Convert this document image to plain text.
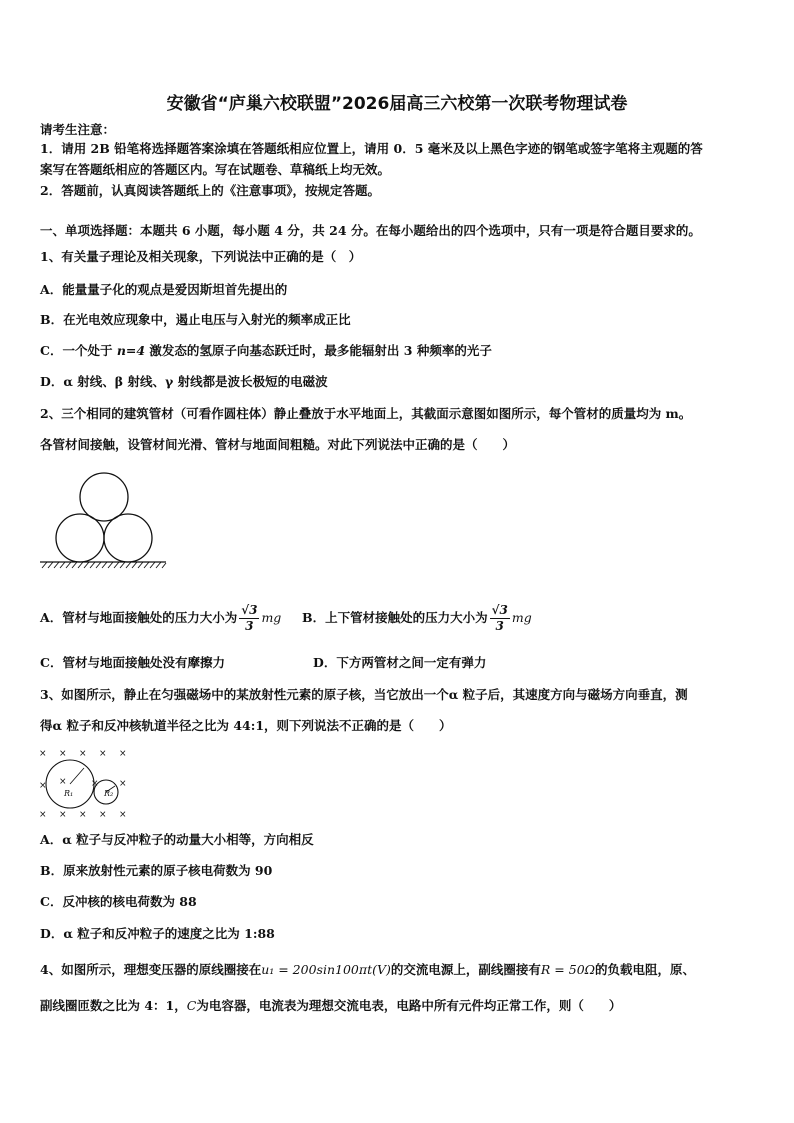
安徽省“庐巢六校联盟”2026届高三六校第一次联考物理试卷
请考生注意：
1．请用 2B 铅笔将选择题答案涂填在答题纸相应位置上，请用 0．5 毫米及以上黑色字迹的钢笔或签字笔将主观题的答
案写在答题纸相应的答题区内。写在试题卷、草稿纸上均无效。
2．答题前，认真阅读答题纸上的《注意事项》，按规定答题。
一、单项选择题：本题共 6 小题，每小题 4 分，共 24 分。在每小题给出的四个选项中，只有一项是符合题目要求的。
1、有关量子理论及相关现象，下列说法中正确的是（　）
A．能量量子化的观点是爱因斯坦首先提出的
B．在光电效应现象中，遏止电压与入射光的频率成正比
C．一个处于 n=4 激发态的氢原子向基态跃迁时，最多能辐射出 3 种频率的光子
D．α 射线、β 射线、γ 射线都是波长极短的电磁波
2、三个相同的建筑管材（可看作圆柱体）静止叠放于水平地面上，其截面示意图如图所示，每个管材的质量均为 m。
各管材间接触，设管材间光滑、管材与地面间粗糙。对此下列说法中正确的是（　　）
A．管材与地面接触处的压力大小为 $\frac{√3}{3}$ mg B．上下管材接触处的压力大小为 $\frac{√3}{3}$ mg
C．管材与地面接触处没有摩擦力	D．下方两管材之间一定有弹力
3、如图所示，静止在匀强磁场中的某放射性元素的原子核，当它放出一个α 粒子后，其速度方向与磁场方向垂直，测
得α 粒子和反冲核轨道半径之比为 44:1，则下列说法不正确的是（　　）
× × × × ×
× ×	× ×
× × × × ×
R₁	R₂
A．α 粒子与反冲粒子的动量大小相等，方向相反
B．原来放射性元素的原子核电荷数为 90
C．反冲核的核电荷数为 88
D．α 粒子和反冲粒子的速度之比为 1:88
4、如图所示，理想变压器的原线圈接在u₁ = 200sin100πt(V)的交流电源上，副线圈接有R = 50Ω的负载电阻，原、
副线圈匝数之比为 4：1，C为电容器，电流表为理想交流电表，电路中所有元件均正常工作，则（　　）
